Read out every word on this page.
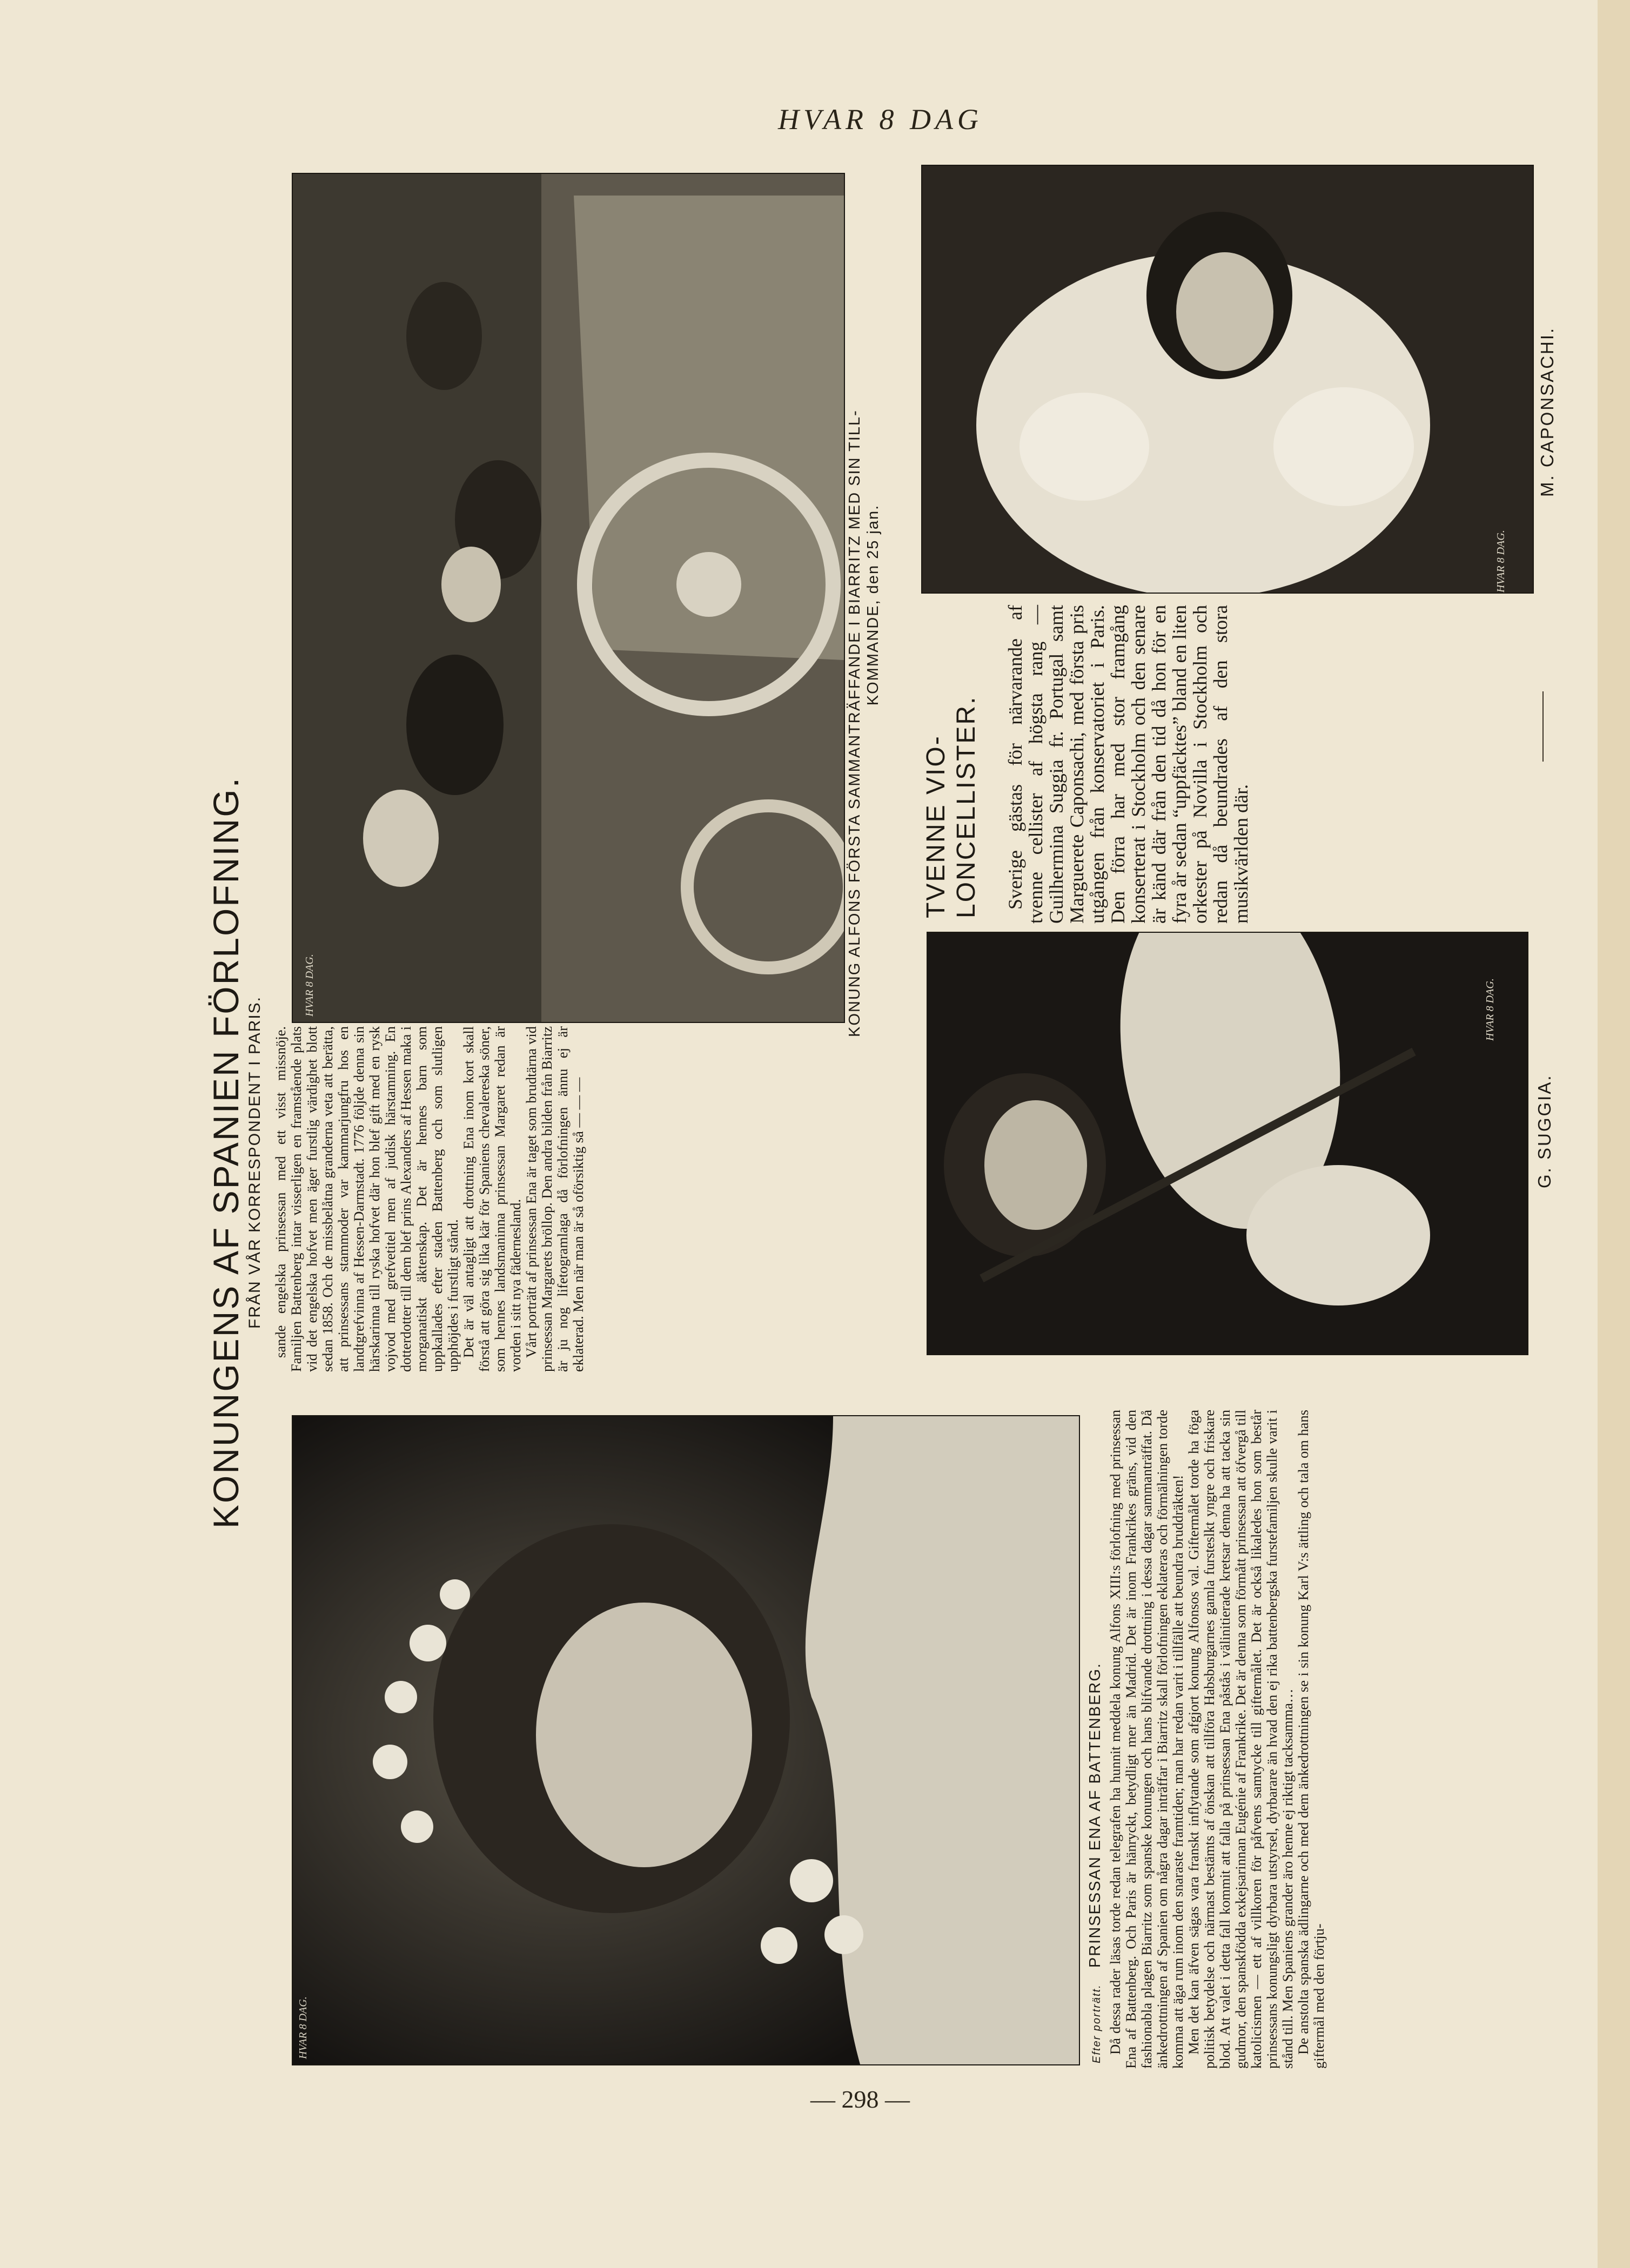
HVAR 8 DAG
HVAR 8 DAG.	Efter porträtt.   PRINSESSAN ENA AF BATTENBERG. Då dessa rader läsas torde redan telegrafen ha hunnit meddela konung Alfons XIII:s förlofning med prinsessan Ena af Battenberg. Och Paris är hänryckt, betydligt mer än Madrid. Det är inom Frankrikes gräns, vid den fashionabla plagen Biarritz som spanske konungen och hans blifvande drottning i dessa dagar sammanträffat. Då änkedrottningen af Spanien om några dagar inträffar i Biarritz skall förlofningen eklateras och förmälningen torde komma att äga rum inom den snaraste framtiden; man har redan varit i tillfälle att beundra bruddräkten! Men det kan äfven sägas vara franskt inflytande som afgjort konung Alfonsos val. Giftermålet torde ha föga politisk betydelse och närmast bestämts af önskan att tillföra Habsburgarnes gamla fursteslkt yngre och friskare blod. Att valet i detta fall kommit att falla på prinsessan Ena påstås i välinitierade kretsar denna ha att tacka sin gudmor, den spanskfödda exkejsarinnan Eugénie af Frankrike. Det är denna som förmått prinsessan att öfvergå till katolicismen — ett af villkoren för påfvens samtycke till giftermålet. Det är också likaledes hon som består prinsessans konungsligt dyrbara utstyrsel, dyrbarare än hvad den ej rika battenbergska furstefamiljen skulle varit i stånd till. Men Spaniens grander äro henne ej riktigt tacksamma… De anstolta spanska ädlingarne och med dem änkedrottningen se i sin konung Karl V:s ättling och tala om hans giftermål med den förtju-

KONUNGENS AF SPANIEN FÖRLOFNING. FRÅN VÅR KORRESPONDENT I PARIS. sande engelska prinsessan med ett visst missnöje. Familjen Battenberg intar visserligen en framstående plats vid det engelska hofvet men äger furstlig värdighet blott sedan 1858. Och de missbelåtna granderna veta att berätta, att prinsessans stammoder var kammarjungfru hos en landtgrefvinna af Hessen-Darmstadt. 1776 följde denna sin härskarinna till ryska hofvet där hon blef gift med en rysk vojvod med grefvetitel men af judisk härstamning. En dotterdotter till dem blef prins Alexanders af Hessen maka i morganatiskt äktenskap. Det är hennes barn som uppkallades efter staden Battenberg och som slutligen upphöjdes i furstligt stånd. Det är väl antagligt att drottning Ena inom kort skall förstå att göra sig lika kär för Spaniens chevalereska söner, som hennes landsmaninna prinsessan Margaret redan är vorden i sitt nya fädernesland. Vårt porträtt af prinsessan Ena är taget som brudtärna vid prinsessan Margarets bröllop. Den andra bilden från Biarritz är ju nog lifetogramlaga då förlofningen ännu ej är eklaterad. Men när man är så oförsiktig så — — —

HVAR 8 DAG.	KONUNG ALFONS FÖRSTA SAMMANTRÄFFANDE I BIARRITZ MED SIN TILL- KOMMANDE, den 25 jan.
HVAR 8 DAG.
G. SUGGIA.
HVAR 8 DAG.
M. CAPONSACHI.
TVENNE VIO- LONCELLISTER.	Sverige gästas för närvarande af tvenne cellister af högsta rang — Guilhermina Suggia fr. Portugal samt Marguerete Caponsachi, med första pris utgången från konservatoriet i Paris. Den förra har med stor framgång konserterat i Stockholm och den senare är känd där från den tid då hon för en fyra år sedan “uppfäcktes” bland en liten orkester på Novilla i Stockholm och redan då beundrades af den stora musikvärlden där.

— 298 —
